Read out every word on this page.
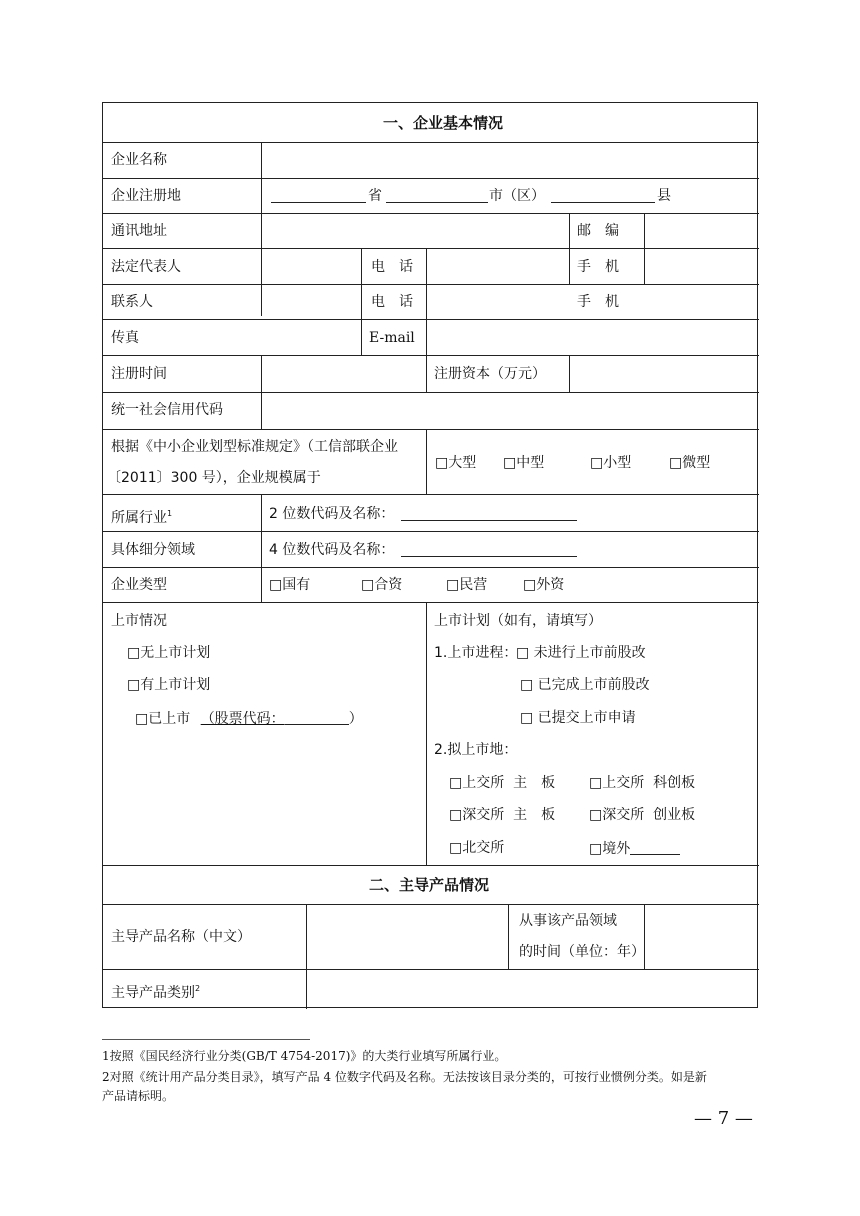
一、企业基本情况
企业名称
企业注册地	省	市（区）	县
通讯地址	邮　编
法定代表人	电　话	手　机
联系人	电　话	手　机
传真	E-mail
注册时间	注册资本（万元）
统一社会信用代码
根据《中小企业划型标准规定》（工信部联企业
〔2011〕300 号），企业规模属于
□大型 □中型	□小型	□微型
所属行业$^1$	2 位数代码及名称：
具体细分领域	4 位数代码及名称：
企业类型	□国有	□合资	□民营	□外资
上市情况
□无上市计划
□有上市计划
□已上市 （股票代码：	）
上市计划（如有，请填写）
1.上市进程：
□ 未进行上市前股改
□ 已完成上市前股改
□ 已提交上市申请
2.拟上市地：
□上交所  主　板 □上交所  科创板
□深交所  主　板 □深交所  创业板
□北交所	□境外
二、主导产品情况
主导产品名称（中文）
从事该产品领域
的时间（单位：年）
主导产品类别$^2$
1按照《国民经济行业分类(GB/T 4754-2017)》的大类行业填写所属行业。
2对照《统计用产品分类目录》，填写产品 4 位数字代码及名称。无法按该目录分类的，可按行业惯例分类。如是新
产品请标明。
— 7 —
